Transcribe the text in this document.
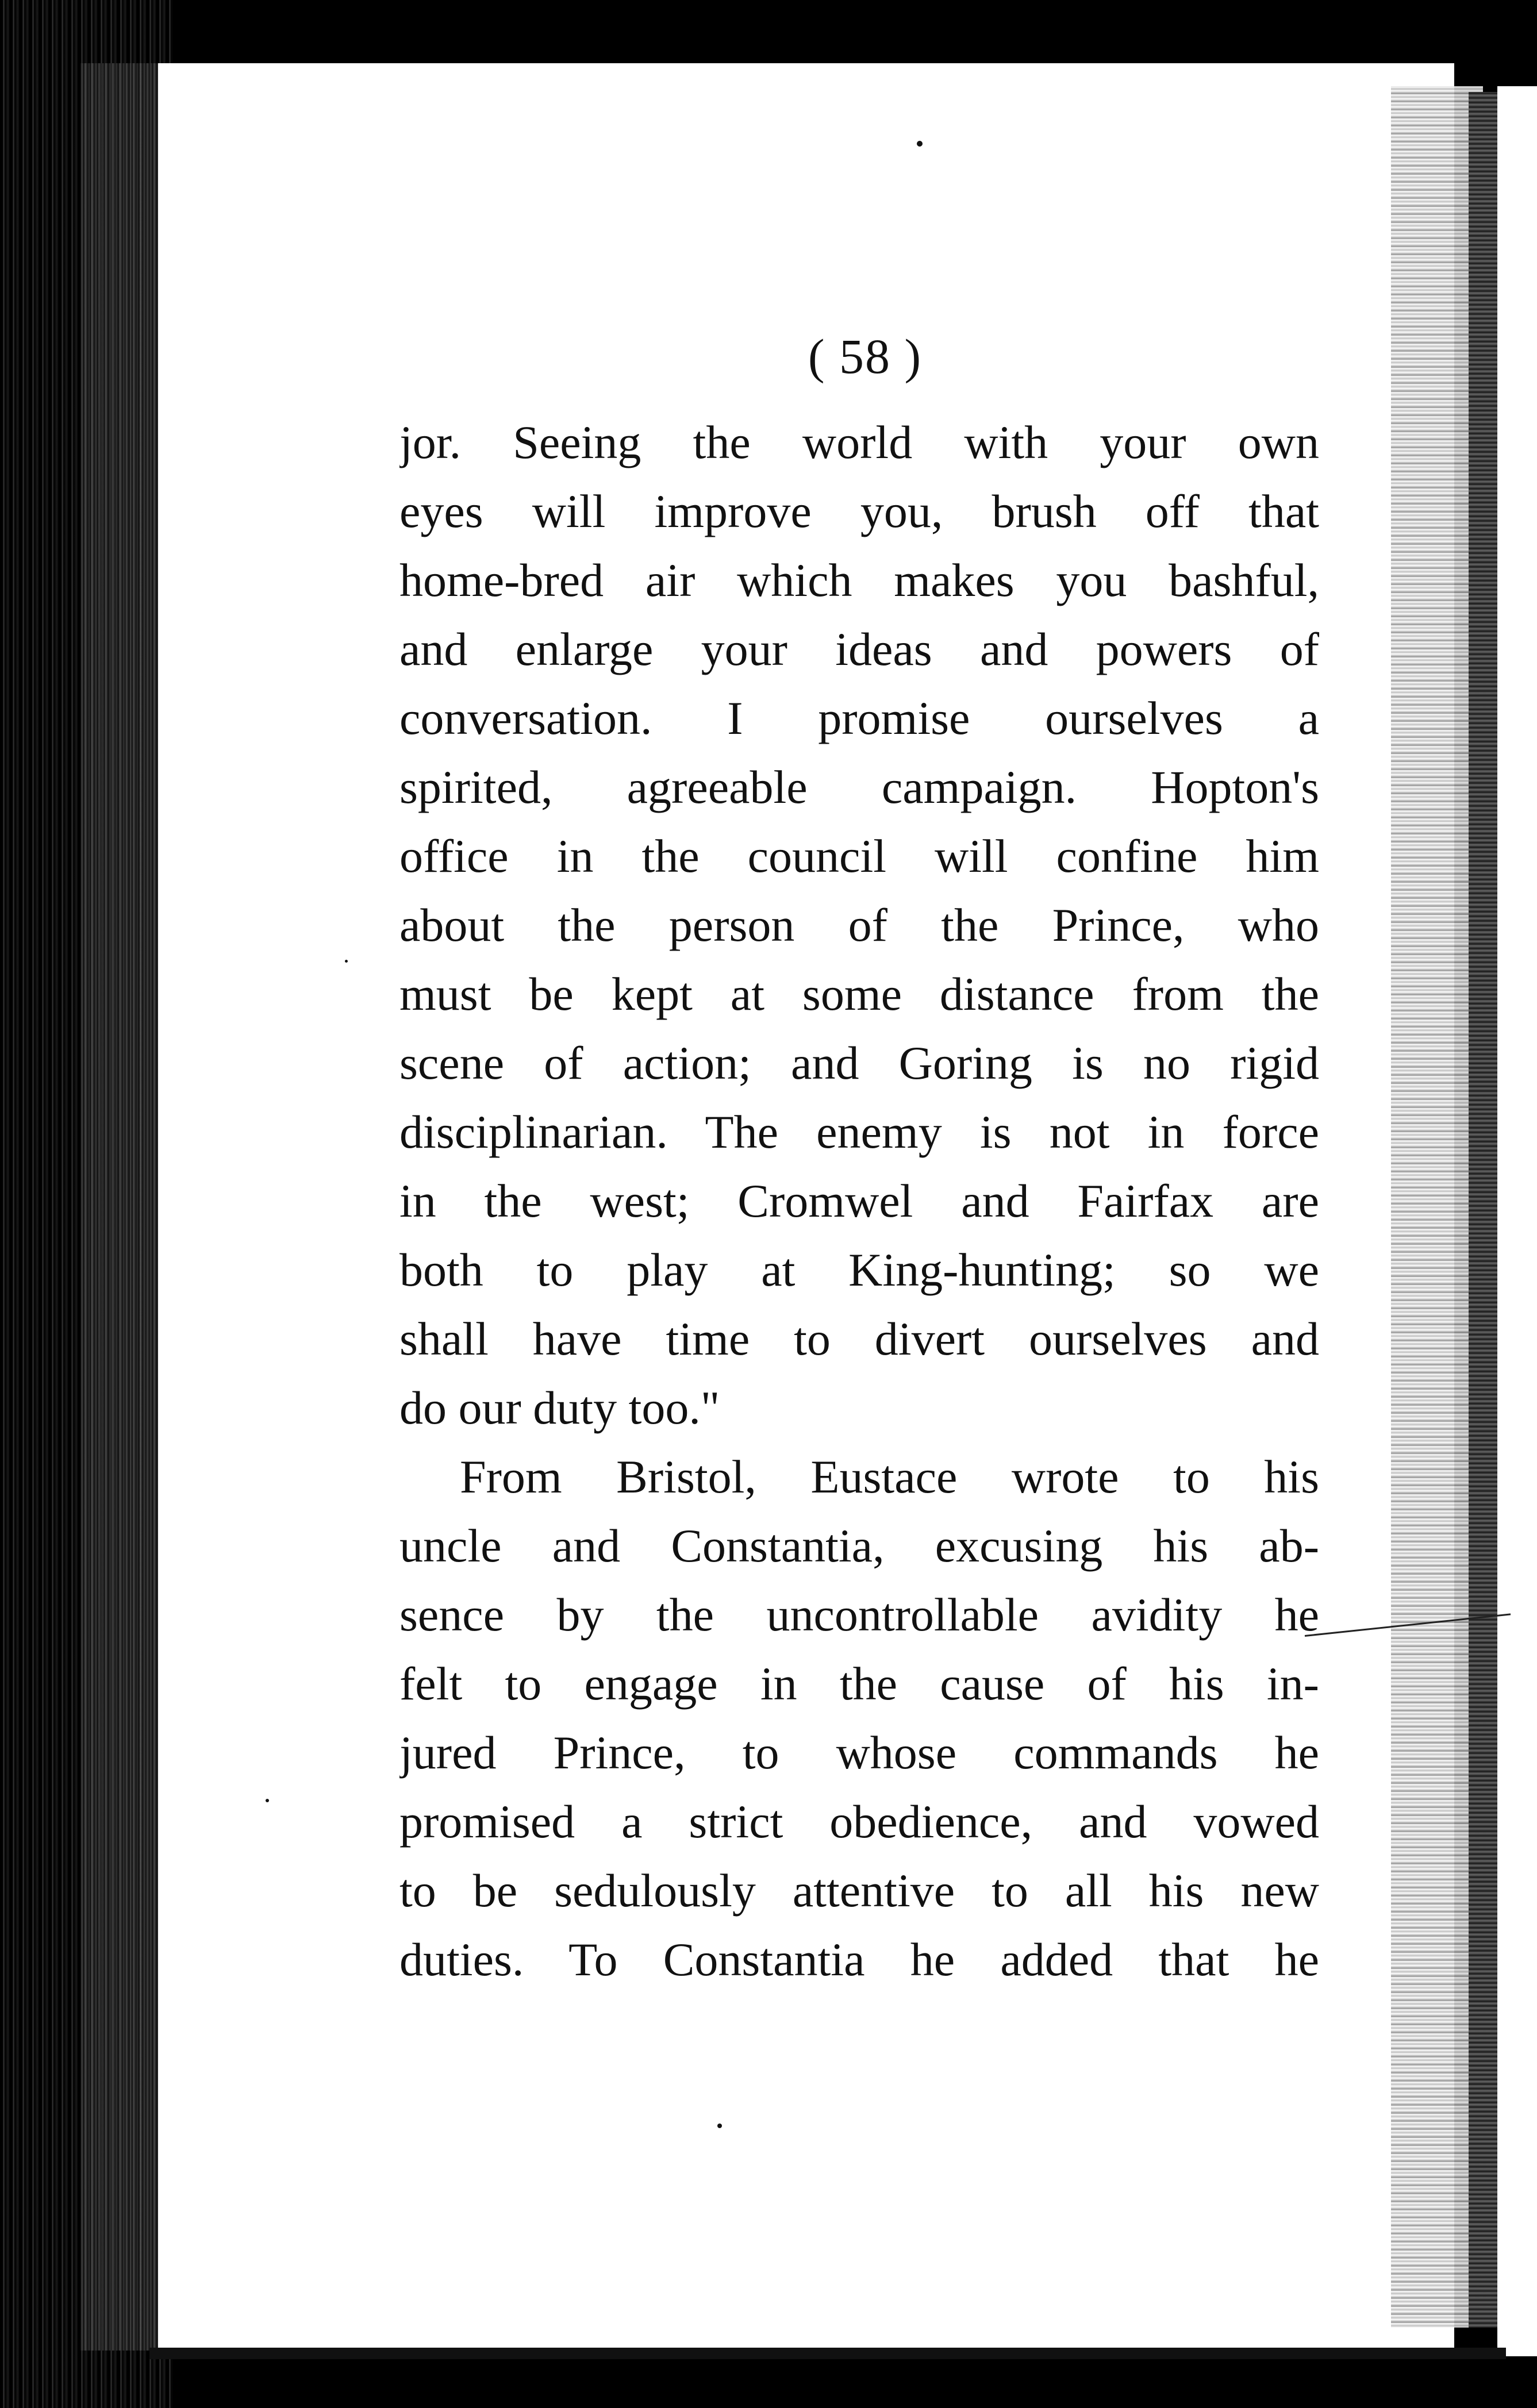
( 58 )
jor. Seeing the world with your own
eyes will improve you, brush off that
home-bred air which makes you bashful,
and enlarge your ideas and powers of
conversation. I promise ourselves a
spirited, agreeable campaign. Hopton's
office in the council will confine him
about the person of the Prince, who
must be kept at some distance from the
scene of action; and Goring is no rigid
disciplinarian. The enemy is not in force
in the west; Cromwel and Fairfax are
both to play at King-hunting; so we
shall have time to divert ourselves and
do our duty too."
From Bristol, Eustace wrote to his
uncle and Constantia, excusing his ab-
sence by the uncontrollable avidity he
felt to engage in the cause of his in-
jured Prince, to whose commands he
promised a strict obedience, and vowed
to be sedulously attentive to all his new
duties. To Constantia he added that he
